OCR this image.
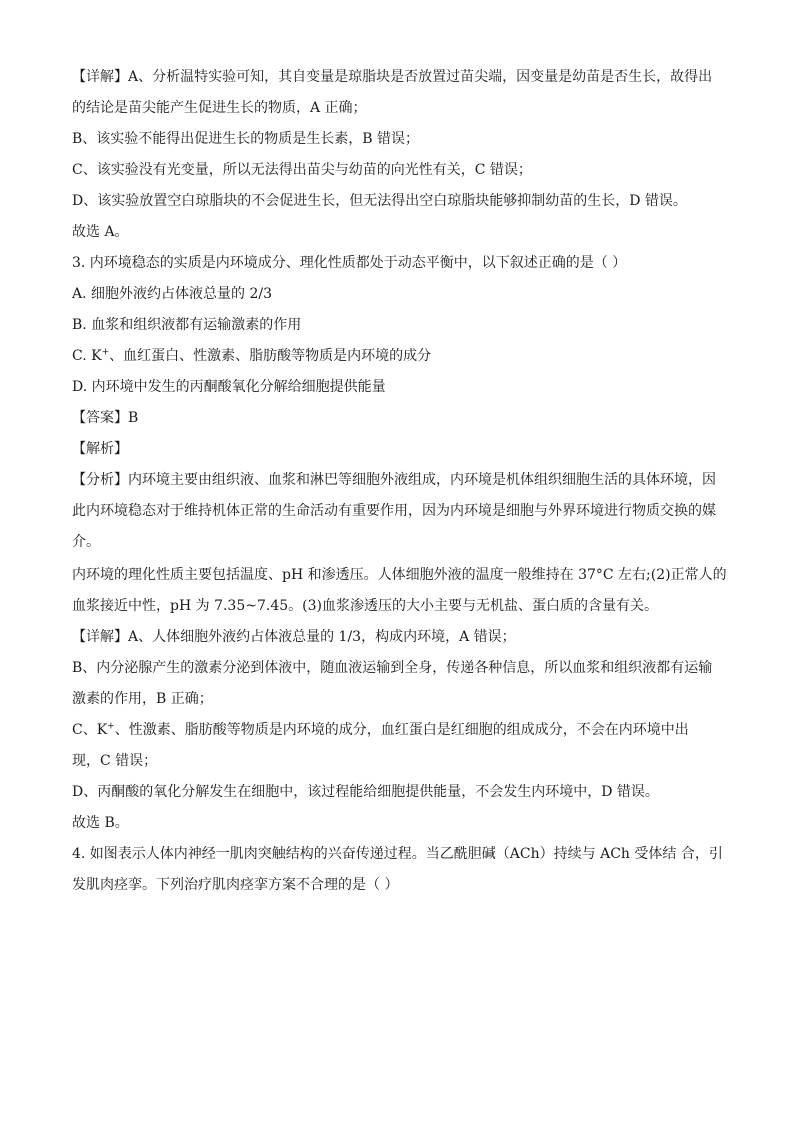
【详解】A、分析温特实验可知，其自变量是琼脂块是否放置过苗尖端，因变量是幼苗是否生长，故得出
的结论是苗尖能产生促进生长的物质，A 正确；
B、该实验不能得出促进生长的物质是生长素，B 错误；
C、该实验没有光变量，所以无法得出苗尖与幼苗的向光性有关，C 错误；
D、该实验放置空白琼脂块的不会促进生长，但无法得出空白琼脂块能够抑制幼苗的生长，D 错误。
故选 A。
3. 内环境稳态的实质是内环境成分、理化性质都处于动态平衡中，以下叙述正确的是（ ）
A. 细胞外液约占体液总量的 2/3
B. 血浆和组织液都有运输激素的作用
C. K+、血红蛋白、性激素、脂肪酸等物质是内环境的成分
D. 内环境中发生的丙酮酸氧化分解给细胞提供能量
【答案】B
【解析】
【分析】内环境主要由组织液、血浆和淋巴等细胞外液组成，内环境是机体组织细胞生活的具体环境，因
此内环境稳态对于维持机体正常的生命活动有重要作用，因为内环境是细胞与外界环境进行物质交换的媒
介。
内环境的理化性质主要包括温度、pH 和渗透压。人体细胞外液的温度一般维持在 37°C 左右;(2)正常人的
血浆接近中性，pH 为 7.35~7.45。(3)血浆渗透压的大小主要与无机盐、蛋白质的含量有关。
【详解】A、人体细胞外液约占体液总量的 1/3，构成内环境，A 错误；
B、内分泌腺产生的激素分泌到体液中，随血液运输到全身，传递各种信息，所以血浆和组织液都有运输
激素的作用，B 正确；
C、K+、性激素、脂肪酸等物质是内环境的成分，血红蛋白是红细胞的组成成分，不会在内环境中出
现，C 错误；
D、丙酮酸的氧化分解发生在细胞中，该过程能给细胞提供能量，不会发生内环境中，D 错误。
故选 B。
4. 如图表示人体内神经一肌肉突触结构的兴奋传递过程。当乙酰胆碱（ACh）持续与 ACh 受体结 合，引
发肌肉痉挛。下列治疗肌肉痉挛方案不合理的是（ ）
